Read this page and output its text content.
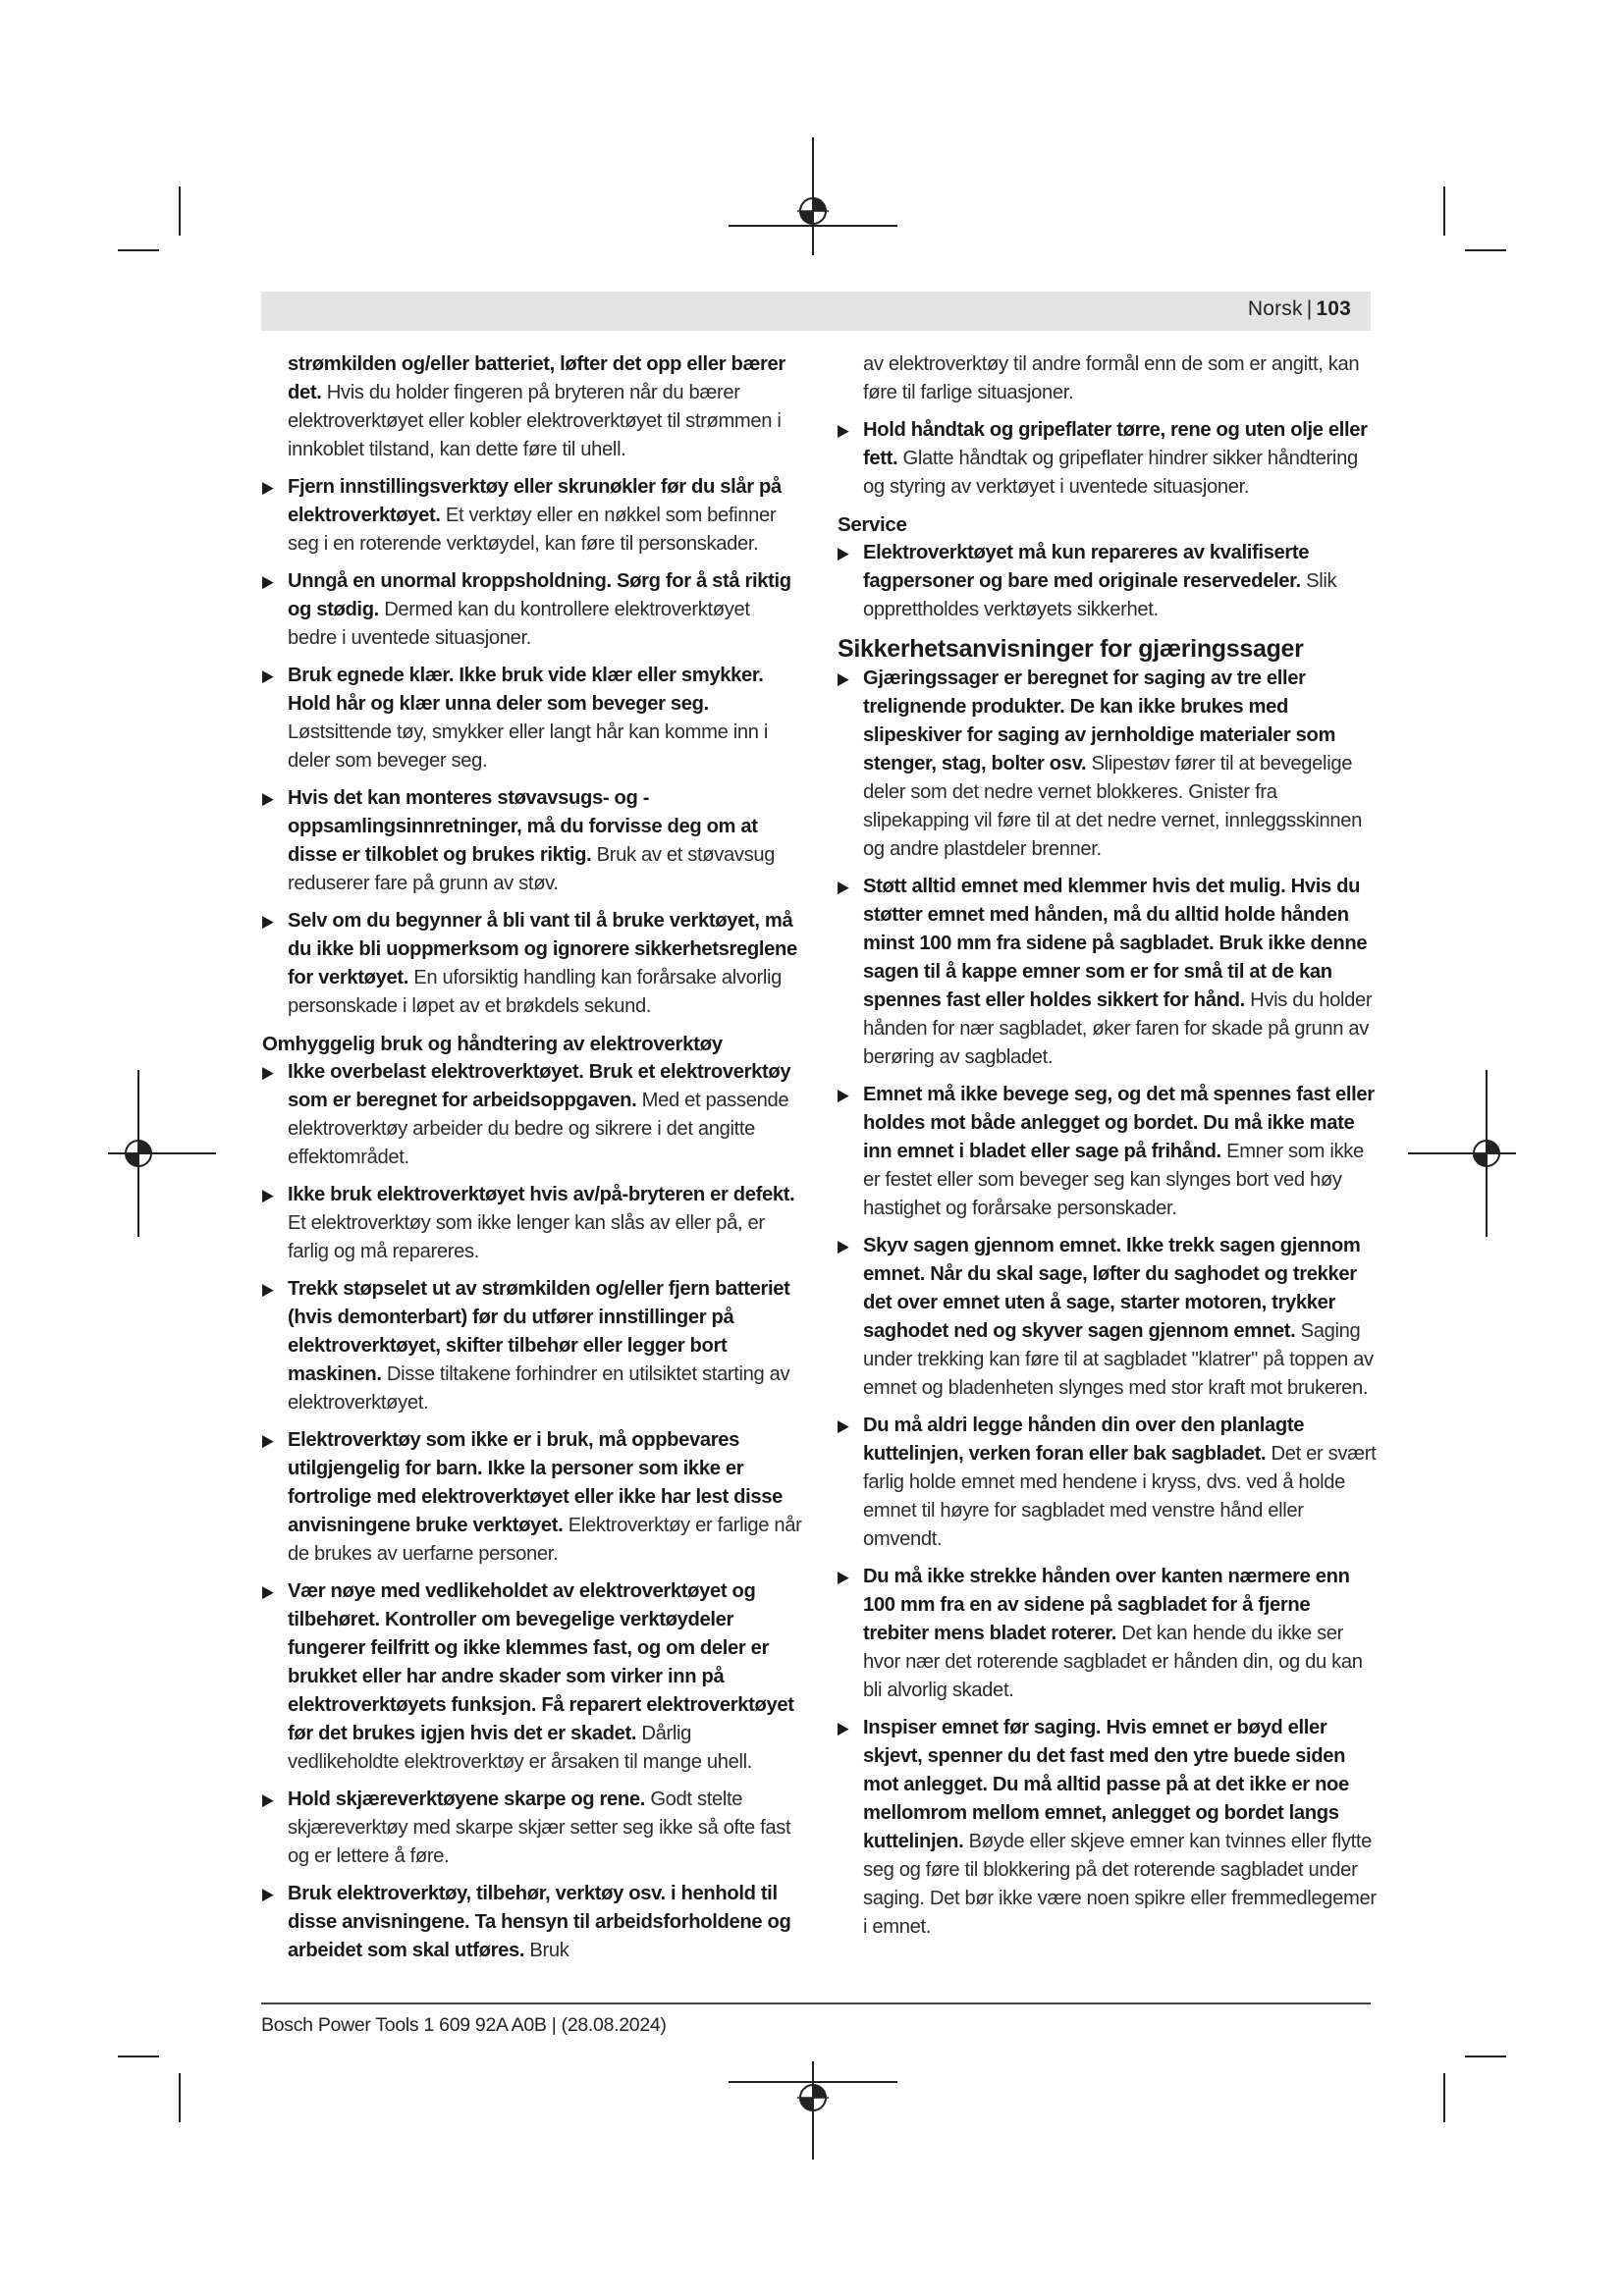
Norsk | 103
strømkilden og/eller batteriet, løfter det opp eller bærer det. Hvis du holder fingeren på bryteren når du bærer elektroverktøyet eller kobler elektroverktøyet til strømmen i innkoblet tilstand, kan dette føre til uhell.
▶ Fjern innstillingsverktøy eller skrunøkler før du slår på elektroverktøyet. Et verktøy eller en nøkkel som befinner seg i en roterende verktøydel, kan føre til personskader.
▶ Unngå en unormal kroppsholdning. Sørg for å stå riktig og stødig. Dermed kan du kontrollere elektroverktøyet bedre i uventede situasjoner.
▶ Bruk egnede klær. Ikke bruk vide klær eller smykker. Hold hår og klær unna deler som beveger seg. Løstsittende tøy, smykker eller langt hår kan komme inn i deler som beveger seg.
▶ Hvis det kan monteres støvavsugs- og -oppsamlingsinnretninger, må du forvisse deg om at disse er tilkoblet og brukes riktig. Bruk av et støvavsug reduserer fare på grunn av støv.
▶ Selv om du begynner å bli vant til å bruke verktøyet, må du ikke bli uoppmerksom og ignorere sikkerhetsreglene for verktøyet. En uforsiktig handling kan forårsake alvorlig personskade i løpet av et brøkdels sekund.

Omhyggelig bruk og håndtering av elektroverktøy

▶ Ikke overbelast elektroverktøyet. Bruk et elektroverktøy som er beregnet for arbeidsoppgaven. Med et passende elektroverktøy arbeider du bedre og sikrere i det angitte effektområdet.
▶ Ikke bruk elektroverktøyet hvis av/på-bryteren er defekt. Et elektroverktøy som ikke lenger kan slås av eller på, er farlig og må repareres.
▶ Trekk støpselet ut av strømkilden og/eller fjern batteriet (hvis demonterbart) før du utfører innstillinger på elektroverktøyet, skifter tilbehør eller legger bort maskinen. Disse tiltakene forhindrer en utilsiktet starting av elektroverktøyet.
▶ Elektroverktøy som ikke er i bruk, må oppbevares utilgjengelig for barn. Ikke la personer som ikke er fortrolige med elektroverktøyet eller ikke har lest disse anvisningene bruke verktøyet. Elektroverktøy er farlige når de brukes av uerfarne personer.
▶ Vær nøye med vedlikeholdet av elektroverktøyet og tilbehøret. Kontroller om bevegelige verktøydeler fungerer feilfritt og ikke klemmes fast, og om deler er brukket eller har andre skader som virker inn på elektroverktøyets funksjon. Få reparert elektroverktøyet før det brukes igjen hvis det er skadet. Dårlig vedlikeholdte elektroverktøy er årsaken til mange uhell.
▶ Hold skjæreverktøyene skarpe og rene. Godt stelte skjæreverktøy med skarpe skjær setter seg ikke så ofte fast og er lettere å føre.
▶ Bruk elektroverktøy, tilbehør, verktøy osv. i henhold til disse anvisningene. Ta hensyn til arbeidsforholdene og arbeidet som skal utføres. Bruk
av elektroverktøy til andre formål enn de som er angitt, kan føre til farlige situasjoner.
▶ Hold håndtak og gripeflater tørre, rene og uten olje eller fett. Glatte håndtak og gripeflater hindrer sikker håndtering og styring av verktøyet i uventede situasjoner.

Service

▶ Elektroverktøyet må kun repareres av kvalifiserte fagpersoner og bare med originale reservedeler. Slik opprettholdes verktøyets sikkerhet.

Sikkerhetsanvisninger for gjæringssager

▶ Gjæringssager er beregnet for saging av tre eller trelignende produkter. De kan ikke brukes med slipeskiver for saging av jernholdige materialer som stenger, stag, bolter osv. Slipestøv fører til at bevegelige deler som det nedre vernet blokkeres. Gnister fra slipekapping vil føre til at det nedre vernet, innleggsskinnen og andre plastdeler brenner.
▶ Støtt alltid emnet med klemmer hvis det mulig. Hvis du støtter emnet med hånden, må du alltid holde hånden minst 100 mm fra sidene på sagbladet. Bruk ikke denne sagen til å kappe emner som er for små til at de kan spennes fast eller holdes sikkert for hånd. Hvis du holder hånden for nær sagbladet, øker faren for skade på grunn av berøring av sagbladet.
▶ Emnet må ikke bevege seg, og det må spennes fast eller holdes mot både anlegget og bordet. Du må ikke mate inn emnet i bladet eller sage på frihånd. Emner som ikke er festet eller som beveger seg kan slynges bort ved høy hastighet og forårsake personskader.
▶ Skyv sagen gjennom emnet. Ikke trekk sagen gjennom emnet. Når du skal sage, løfter du saghodet og trekker det over emnet uten å sage, starter motoren, trykker saghodet ned og skyver sagen gjennom emnet. Saging under trekking kan føre til at sagbladet "klatrer" på toppen av emnet og bladenheten slynges med stor kraft mot brukeren.
▶ Du må aldri legge hånden din over den planlagte kuttelinjen, verken foran eller bak sagbladet. Det er svært farlig holde emnet med hendene i kryss, dvs. ved å holde emnet til høyre for sagbladet med venstre hånd eller omvendt.
▶ Du må ikke strekke hånden over kanten nærmere enn 100 mm fra en av sidene på sagbladet for å fjerne trebiter mens bladet roterer. Det kan hende du ikke ser hvor nær det roterende sagbladet er hånden din, og du kan bli alvorlig skadet.
▶ Inspiser emnet før saging. Hvis emnet er bøyd eller skjevt, spenner du det fast med den ytre buede siden mot anlegget. Du må alltid passe på at det ikke er noe mellomrom mellom emnet, anlegget og bordet langs kuttelinjen. Bøyde eller skjeve emner kan tvinnes eller flytte seg og føre til blokkering på det roterende sagbladet under saging. Det bør ikke være noen spikre eller fremmedlegemer i emnet.
Bosch Power Tools 1 609 92A A0B | (28.08.2024)
